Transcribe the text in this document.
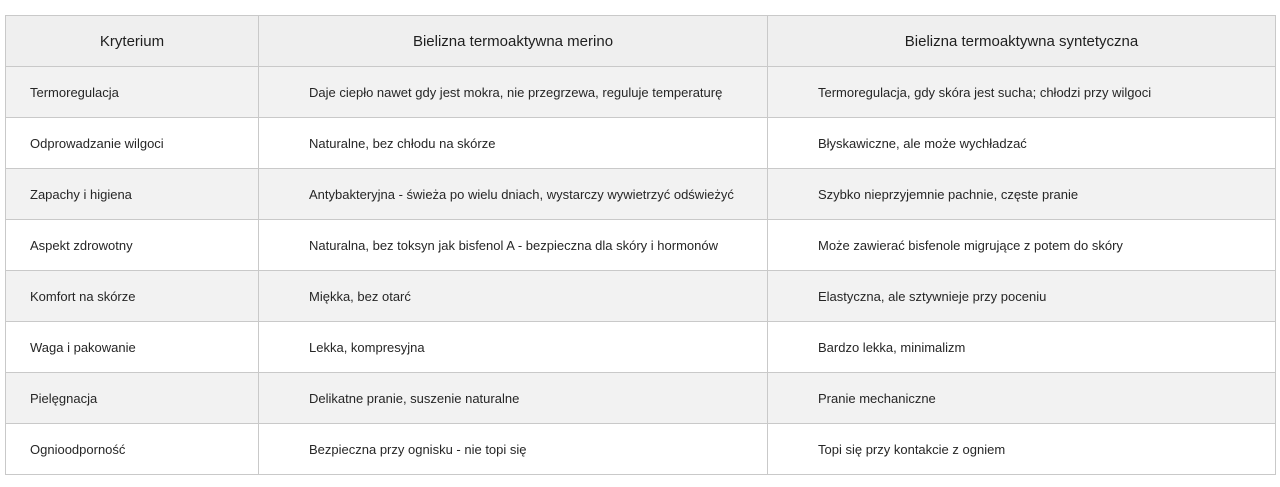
Kryterium	Bielizna termoaktywna merino	Bielizna termoaktywna syntetyczna
Termoregulacja	Daje ciepło nawet gdy jest mokra, nie przegrzewa, reguluje temperaturę	Termoregulacja, gdy skóra jest sucha; chłodzi przy wilgoci
Odprowadzanie wilgoci	Naturalne, bez chłodu na skórze	Błyskawiczne, ale może wychładzać
Zapachy i higiena	Antybakteryjna - świeża po wielu dniach, wystarczy wywietrzyć odświeżyć	Szybko nieprzyjemnie pachnie, częste pranie
Aspekt zdrowotny	Naturalna, bez toksyn jak bisfenol A - bezpieczna dla skóry i hormonów	Może zawierać bisfenole migrujące z potem do skóry
Komfort na skórze	Miękka, bez otarć	Elastyczna, ale sztywnieje przy poceniu
Waga i pakowanie	Lekka, kompresyjna	Bardzo lekka, minimalizm
Pielęgnacja	Delikatne pranie, suszenie naturalne	Pranie mechaniczne
Ognioodporność	Bezpieczna przy ognisku - nie topi się	Topi się przy kontakcie z ogniem
